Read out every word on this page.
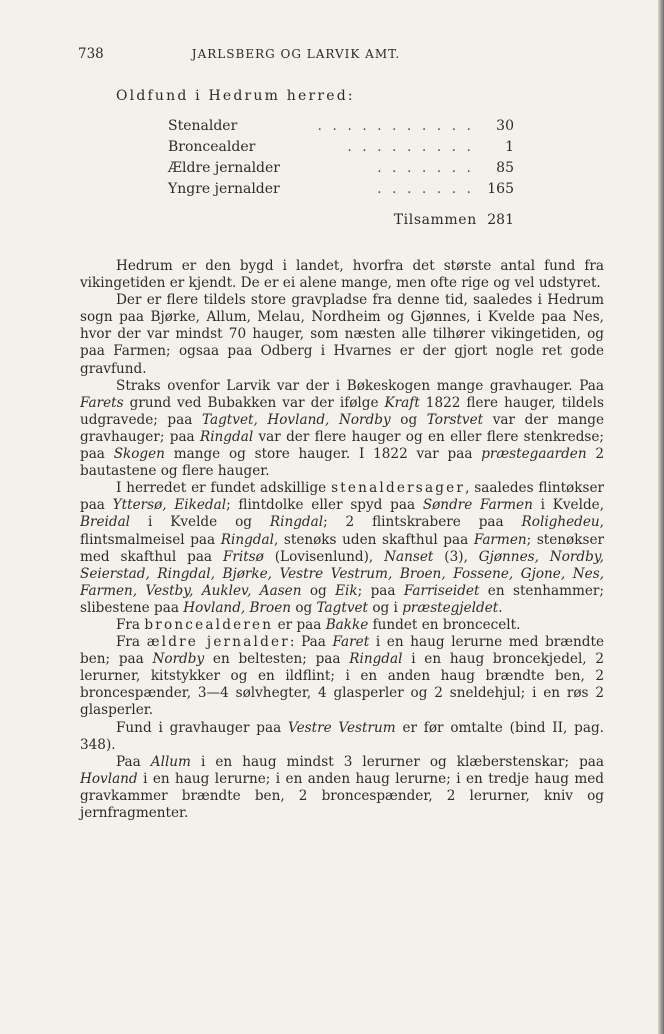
738	JARLSBERG OG LARVIK AMT.
Oldfund i Hedrum herred:
Stenalder	. . . . . . . . . . . 30
Broncealder	. . . . . . . . . 1
Ældre jernalder	. . . . . . . 85
Yngre jernalder	. . . . . . . 165
Tilsammen 281

Hedrum er den bygd i landet, hvorfra det største antal fund fra vikingetiden er kjendt. De er ei alene mange, men ofte rige og vel udstyret.

Der er flere tildels store gravpladse fra denne tid, saaledes i Hedrum sogn paa Bjørke, Allum, Melau, Nordheim og Gjønnes, i Kvelde paa Nes, hvor der var mindst 70 hauger, som næsten alle tilhører vikingetiden, og paa Farmen; ogsaa paa Odberg i Hvarnes er der gjort nogle ret gode gravfund.

Straks ovenfor Larvik var der i Bøkeskogen mange gravhauger. Paa Farets grund ved Bubakken var der ifølge Kraft 1822 flere hauger, tildels udgravede; paa Tagtvet, Hovland, Nordby og Torstvet var der mange gravhauger; paa Ringdal var der flere hauger og en eller flere stenkredse; paa Skogen mange og store hauger. I 1822 var paa præstegaarden 2 bautastene og flere hauger.

I herredet er fundet adskillige stenaldersager, saaledes flintøkser paa Yttersø, Eikedal; flintdolke eller spyd paa Søndre Farmen i Kvelde, Breidal i Kvelde og Ringdal; 2 flintskrabere paa Rolighedeu, flintsmalmeisel paa Ringdal, stenøks uden skafthul paa Farmen; stenøkser med skafthul paa Fritsø (Lovisenlund), Nanset (3), Gjønnes, Nordby, Seierstad, Ringdal, Bjørke, Vestre Vestrum, Broen, Fossene, Gjone, Nes, Farmen, Vestby, Auklev, Aasen og Eik; paa Farriseidet en stenhammer; slibestene paa Hovland, Broen og Tagtvet og i præstegjeldet.

Fra broncealderen er paa Bakke fundet en broncecelt.

Fra ældre jernalder: Paa Faret i en haug lerurne med brændte ben; paa Nordby en beltesten; paa Ringdal i en haug broncekjedel, 2 lerurner, kitstykker og en ildflint; i en anden haug brændte ben, 2 broncespænder, 3—4 sølvhegter, 4 glasperler og 2 sneldehjul; i en røs 2 glasperler.

Fund i gravhauger paa Vestre Vestrum er før omtalte (bind II, pag. 348).

Paa Allum i en haug mindst 3 lerurner og klæberstenskar; paa Hovland i en haug lerurne; i en anden haug lerurne; i en tredje haug med gravkammer brændte ben, 2 broncespænder, 2 lerurner, kniv og jernfragmenter.
